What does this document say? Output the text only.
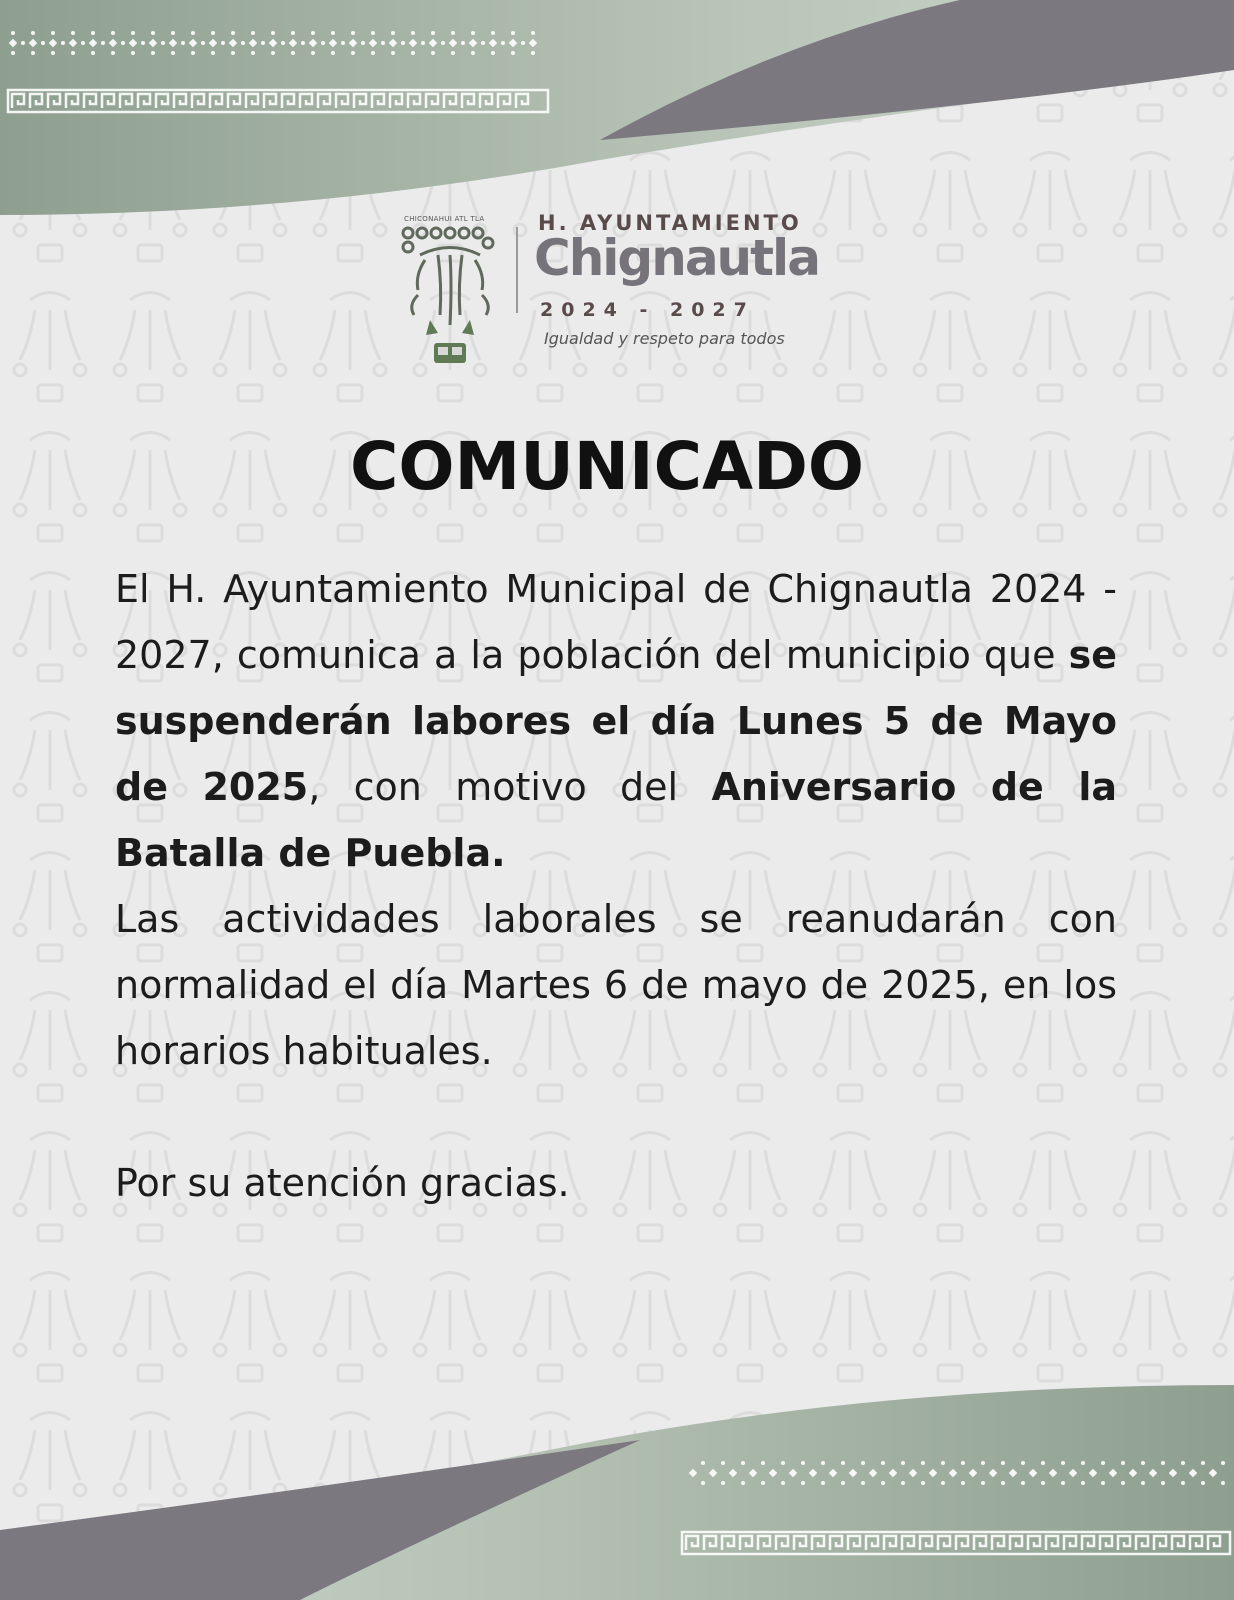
CHICONAHUI ATL TLA	H. AYUNTAMIENTO
Chignautla
2024 - 2027
Igualdad y respeto para todos
COMUNICADO

El H. Ayuntamiento Municipal de Chignautla 2024 - 2027, comunica a la población del municipio que se suspenderán labores el día Lunes 5 de Mayo de 2025, con motivo del Aniversario de la Batalla de Puebla.

Las actividades laborales se reanudarán con normalidad el día Martes 6 de mayo de 2025, en los horarios habituales.

Por su atención gracias.
